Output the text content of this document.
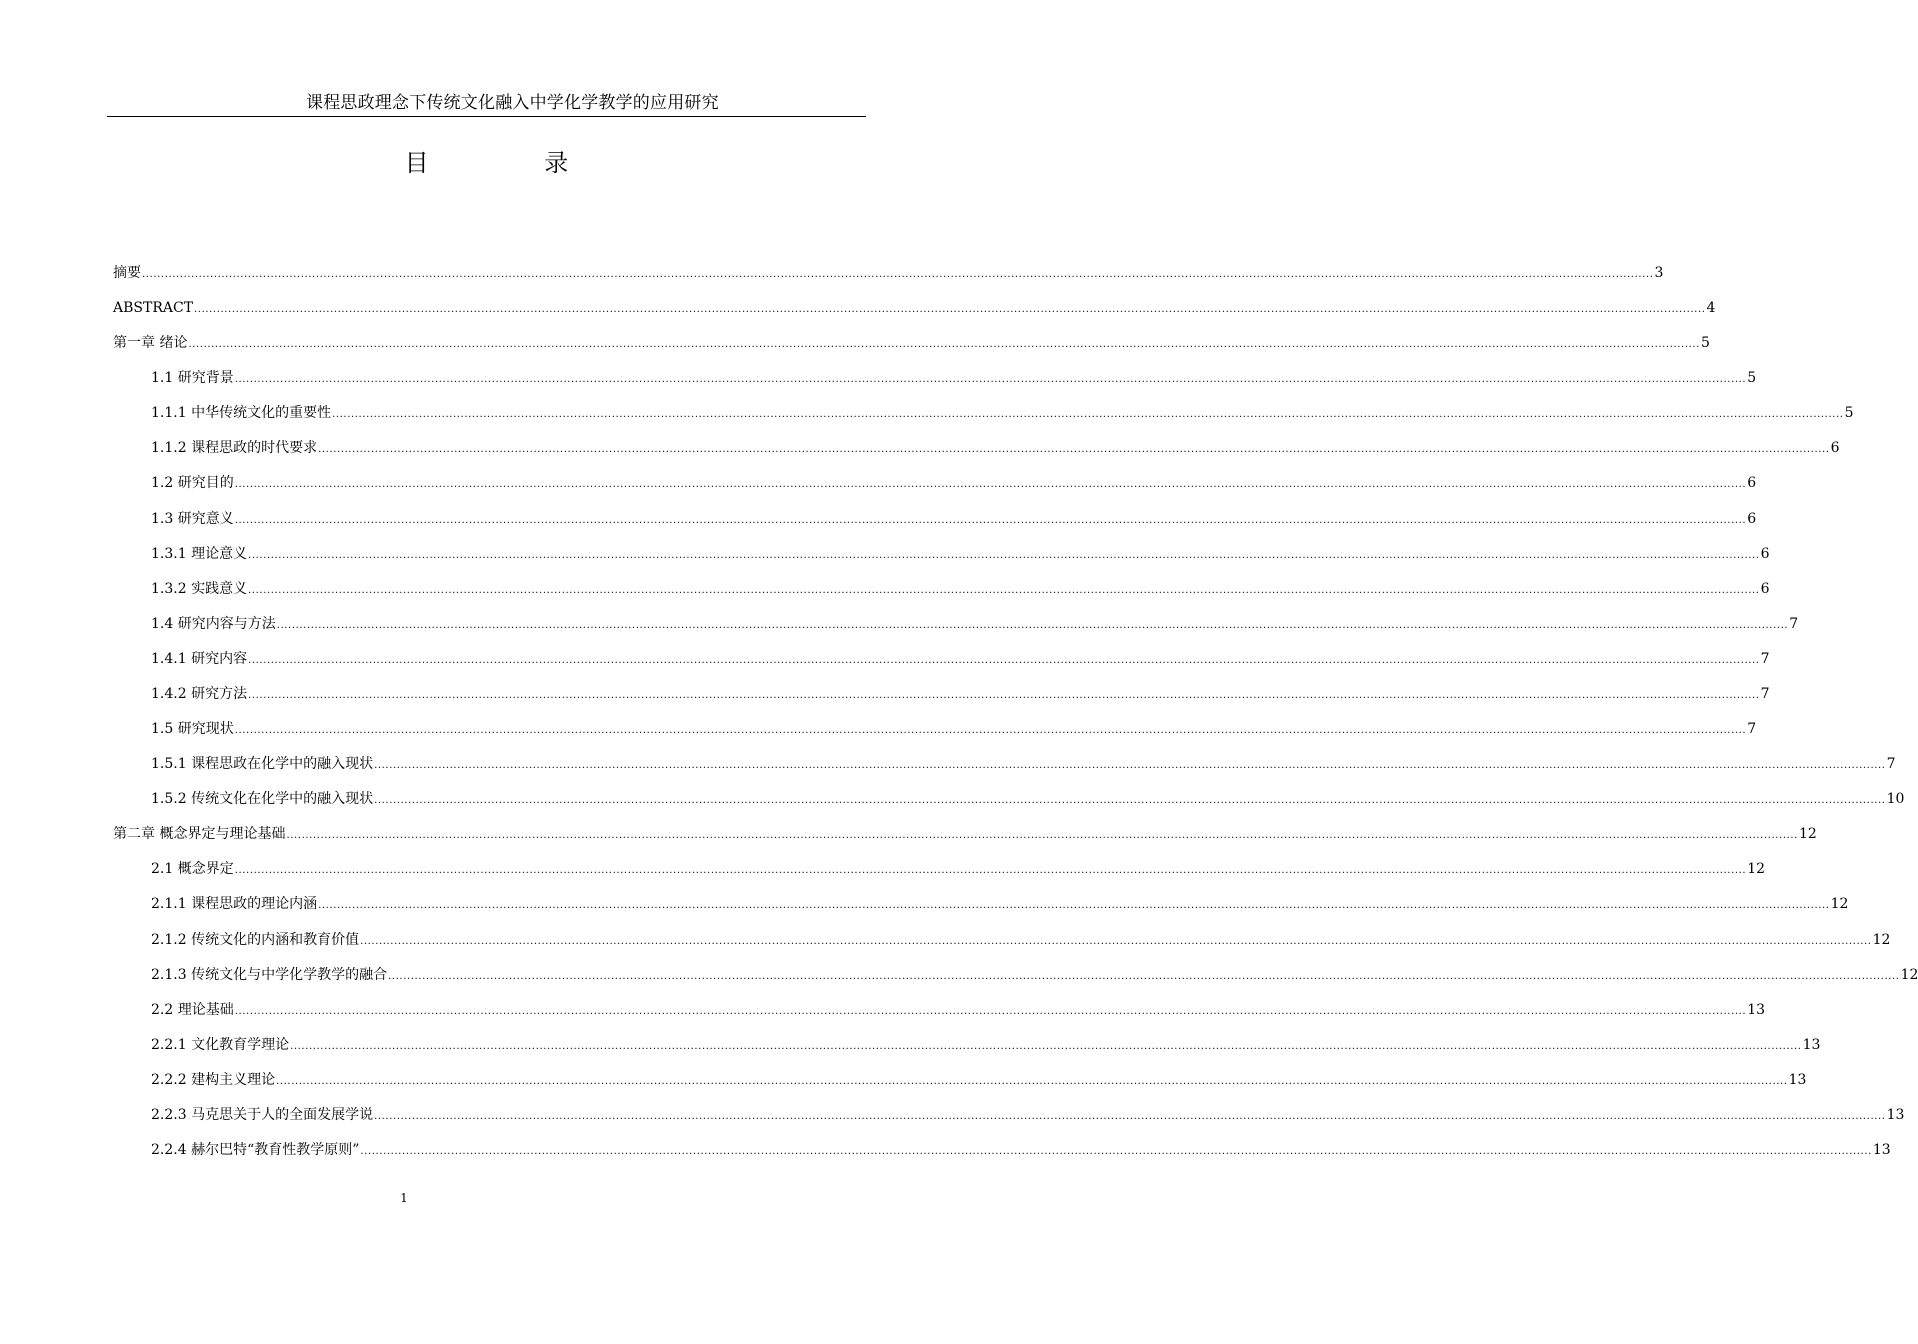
课程思政理念下传统文化融入中学化学教学的应用研究
目 录
摘要 ................................................................................................................................................................................................................................................................................................................................................................................................................ 3
ABSTRACT ................................................................................................................................................................................................................................................................................................................................................................................................................ 4
第一章 绪论 ................................................................................................................................................................................................................................................................................................................................................................................................................ 5
1.1 研究背景 ................................................................................................................................................................................................................................................................................................................................................................................................................ 5
1.1.1 中华传统文化的重要性 ................................................................................................................................................................................................................................................................................................................................................................................................................ 5
1.1.2 课程思政的时代要求 ................................................................................................................................................................................................................................................................................................................................................................................................................ 6
1.2 研究目的 ................................................................................................................................................................................................................................................................................................................................................................................................................ 6
1.3 研究意义 ................................................................................................................................................................................................................................................................................................................................................................................................................ 6
1.3.1 理论意义 ................................................................................................................................................................................................................................................................................................................................................................................................................ 6
1.3.2 实践意义 ................................................................................................................................................................................................................................................................................................................................................................................................................ 6
1.4 研究内容与方法 ................................................................................................................................................................................................................................................................................................................................................................................................................ 7
1.4.1 研究内容 ................................................................................................................................................................................................................................................................................................................................................................................................................ 7
1.4.2 研究方法 ................................................................................................................................................................................................................................................................................................................................................................................................................ 7
1.5 研究现状 ................................................................................................................................................................................................................................................................................................................................................................................................................ 7
1.5.1 课程思政在化学中的融入现状 ................................................................................................................................................................................................................................................................................................................................................................................................................ 7
1.5.2 传统文化在化学中的融入现状 ................................................................................................................................................................................................................................................................................................................................................................................................................ 10
第二章 概念界定与理论基础 ................................................................................................................................................................................................................................................................................................................................................................................................................ 12
2.1 概念界定 ................................................................................................................................................................................................................................................................................................................................................................................................................ 12
2.1.1 课程思政的理论内涵 ................................................................................................................................................................................................................................................................................................................................................................................................................ 12
2.1.2 传统文化的内涵和教育价值 ................................................................................................................................................................................................................................................................................................................................................................................................................ 12
2.1.3 传统文化与中学化学教学的融合 ................................................................................................................................................................................................................................................................................................................................................................................................................ 12
2.2 理论基础 ................................................................................................................................................................................................................................................................................................................................................................................................................ 13
2.2.1 文化教育学理论 ................................................................................................................................................................................................................................................................................................................................................................................................................ 13
2.2.2 建构主义理论 ................................................................................................................................................................................................................................................................................................................................................................................................................ 13
2.2.3 马克思关于人的全面发展学说 ................................................................................................................................................................................................................................................................................................................................................................................................................ 13
2.2.4 赫尔巴特“教育性教学原则” ................................................................................................................................................................................................................................................................................................................................................................................................................ 13
1
